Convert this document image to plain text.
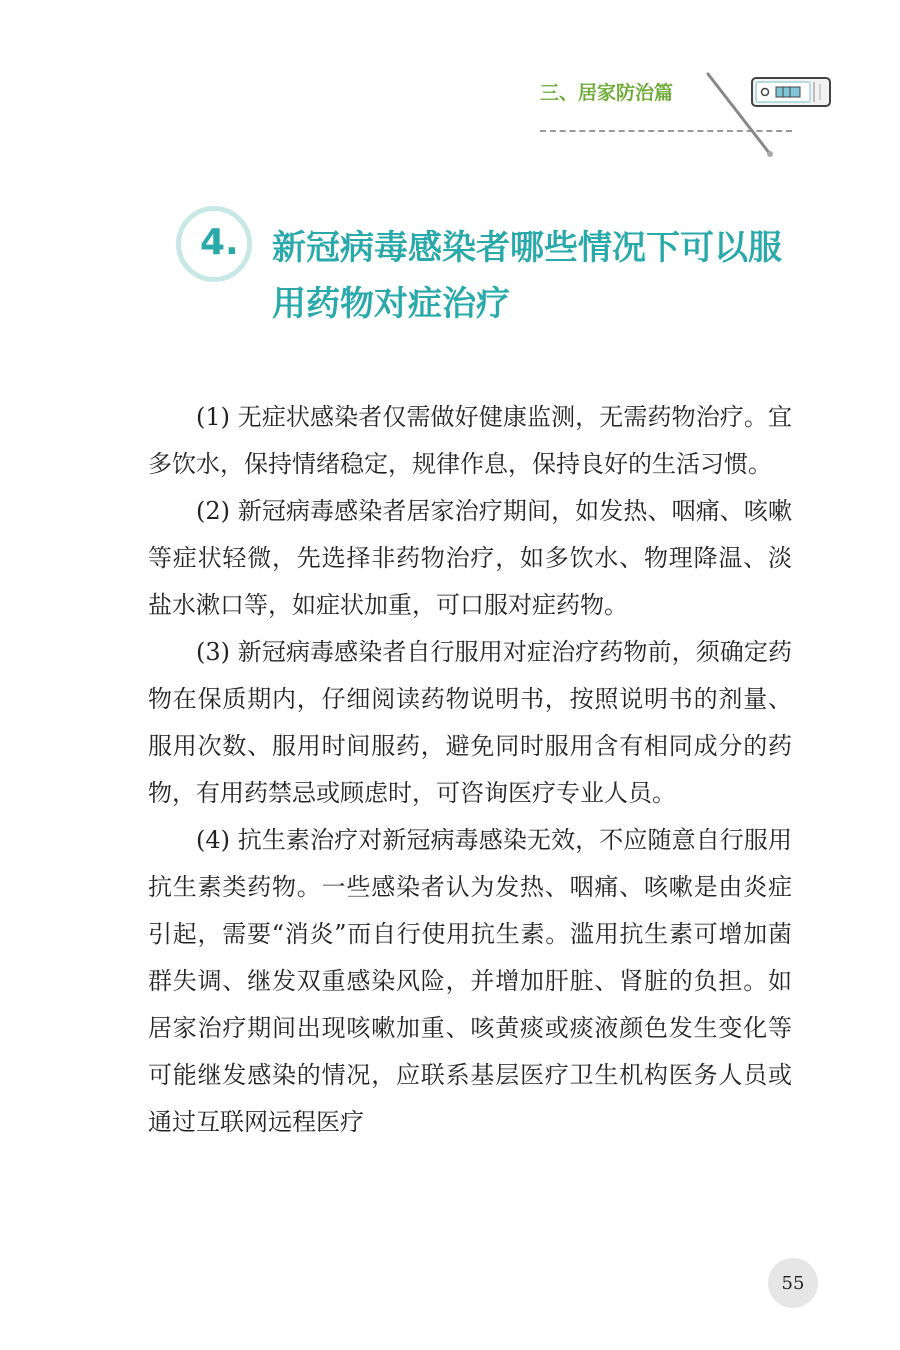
三、居家防治篇
4. 新冠病毒感染者哪些情况下可以服用药物对症治疗

(1) 无症状感染者仅需做好健康监测，无需药物治疗。宜多饮水，保持情绪稳定，规律作息，保持良好的生活习惯。

(2) 新冠病毒感染者居家治疗期间，如发热、咽痛、咳嗽等症状轻微，先选择非药物治疗，如多饮水、物理降温、淡盐水漱口等，如症状加重，可口服对症药物。

(3) 新冠病毒感染者自行服用对症治疗药物前，须确定药物在保质期内，仔细阅读药物说明书，按照说明书的剂量、服用次数、服用时间服药，避免同时服用含有相同成分的药物，有用药禁忌或顾虑时，可咨询医疗专业人员。

(4) 抗生素治疗对新冠病毒感染无效，不应随意自行服用抗生素类药物。一些感染者认为发热、咽痛、咳嗽是由炎症引起，需要“消炎”而自行使用抗生素。滥用抗生素可增加菌群失调、继发双重感染风险，并增加肝脏、肾脏的负担。如居家治疗期间出现咳嗽加重、咳黄痰或痰液颜色发生变化等可能继发感染的情况，应联系基层医疗卫生机构医务人员或通过互联网远程医疗

55
